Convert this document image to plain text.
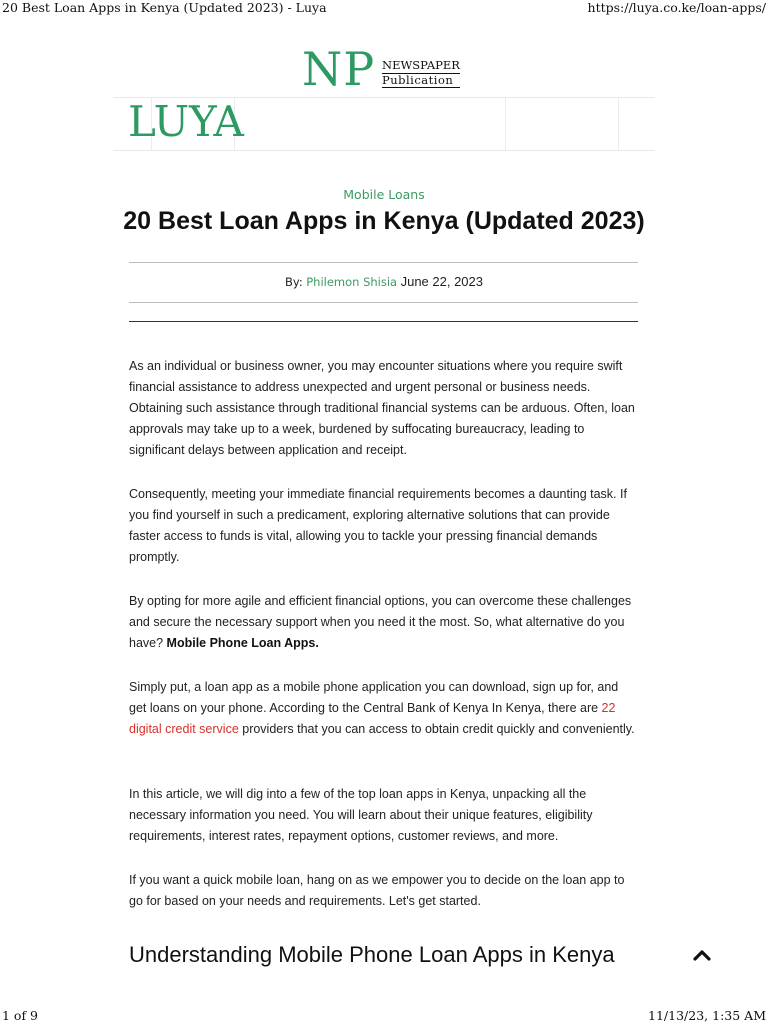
20 Best Loan Apps in Kenya (Updated 2023) - Luya	https://luya.co.ke/loan-apps/
NP NEWSPAPER
Publication
LUYA
Mobile Loans
20 Best Loan Apps in Kenya (Updated 2023)
By: Philemon Shisia June 22, 2023

As an individual or business owner, you may encounter situations where you require swift financial assistance to address unexpected and urgent personal or business needs. Obtaining such assistance through traditional financial systems can be arduous. Often, loan approvals may take up to a week, burdened by suffocating bureaucracy, leading to significant delays between application and receipt.

Consequently, meeting your immediate financial requirements becomes a daunting task. If you find yourself in such a predicament, exploring alternative solutions that can provide faster access to funds is vital, allowing you to tackle your pressing financial demands promptly.

By opting for more agile and efficient financial options, you can overcome these challenges and secure the necessary support when you need it the most. So, what alternative do you have? Mobile Phone Loan Apps.

Simply put, a loan app as a mobile phone application you can download, sign up for, and get loans on your phone. According to the Central Bank of Kenya In Kenya, there are 22 digital credit service providers that you can access to obtain credit quickly and conveniently.

In this article, we will dig into a few of the top loan apps in Kenya, unpacking all the necessary information you need. You will learn about their unique features, eligibility requirements, interest rates, repayment options, customer reviews, and more.

If you want a quick mobile loan, hang on as we empower you to decide on the loan app to go for based on your needs and requirements. Let's get started.

Understanding Mobile Phone Loan Apps in Kenya
1 of 9	11/13/23, 1:35 AM
